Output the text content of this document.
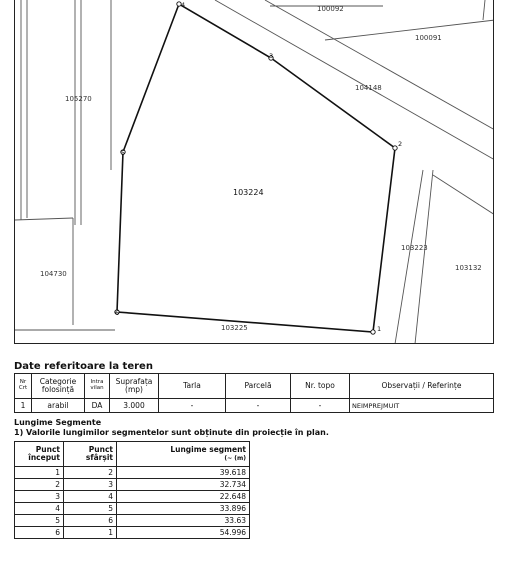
1
2
3
4
5
6
103224
100092
100091
104148
105270
103223
103132
104730
103225
Date referitoare la teren
Nr Crt	Categorie folosință	Intra vilan	Suprafața (mp)	Tarla	Parcelă	Nr. topo	Observații / Referințe
1	arabil	DA	3.000	-	-	-	NEIMPREJMUIT
Lungime Segmente
1) Valorile lungimilor segmentelor sunt obținute din proiecție în plan.
Punct început	Punct sfârșit	Lungime segment
(~ (m)
1	2	39.618
2	3	32.734
3	4	22.648
4	5	33.896
5	6	33.63
6	1	54.996
